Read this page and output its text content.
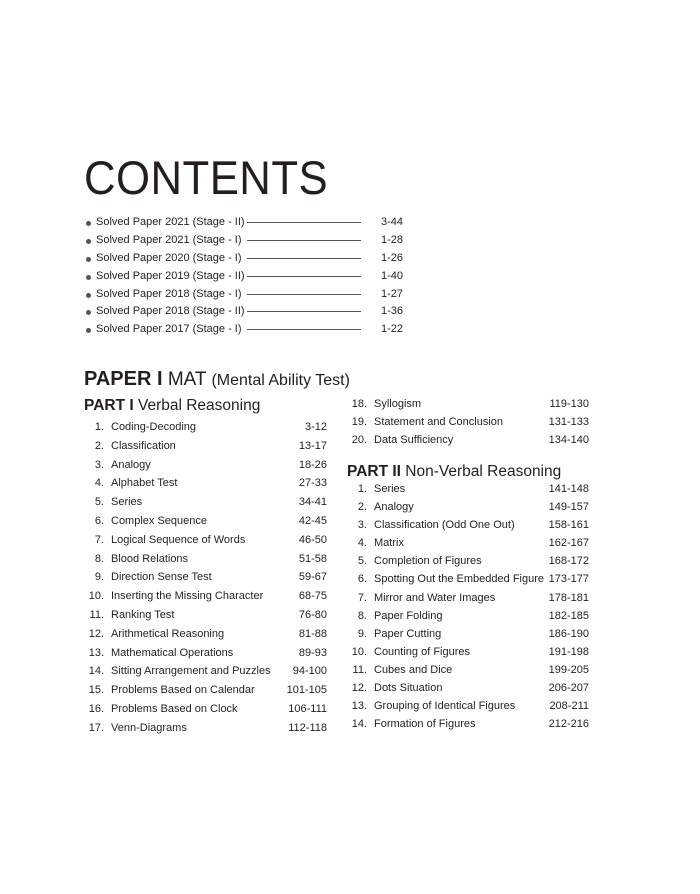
CONTENTS
Solved Paper 2021 (Stage - II)	3-44
Solved Paper 2021 (Stage - I)	1-28
Solved Paper 2020 (Stage - I)	1-26
Solved Paper 2019 (Stage - II)	1-40
Solved Paper 2018 (Stage - I)	1-27
Solved Paper 2018 (Stage - II)	1-36
Solved Paper 2017 (Stage - I)	1-22
PAPER I MAT (Mental Ability Test)
PART I Verbal Reasoning
1. Coding-Decoding	3-12
2. Classification	13-17
3. Analogy	18-26
4. Alphabet Test	27-33
5. Series	34-41
6. Complex Sequence	42-45
7. Logical Sequence of Words	46-50
8. Blood Relations	51-58
9. Direction Sense Test	59-67
10. Inserting the Missing Character	68-75
11. Ranking Test	76-80
12. Arithmetical Reasoning	81-88
13. Mathematical Operations	89-93
14. Sitting Arrangement and Puzzles 94-100
15. Problems Based on Calendar	101-105
16. Problems Based on Clock	106-111
17. Venn-Diagrams	112-118
18. Syllogism	119-130
19. Statement and Conclusion	131-133
20. Data Sufficiency	134-140
PART II Non-Verbal Reasoning
1. Series	141-148
2. Analogy	149-157
3. Classification (Odd One Out)	158-161
4. Matrix	162-167
5. Completion of Figures	168-172
6. Spotting Out the Embedded Figure 173-177
7. Mirror and Water Images	178-181
8. Paper Folding	182-185
9. Paper Cutting	186-190
10. Counting of Figures	191-198
11. Cubes and Dice	199-205
12. Dots Situation	206-207
13. Grouping of Identical Figures	208-211
14. Formation of Figures	212-216
